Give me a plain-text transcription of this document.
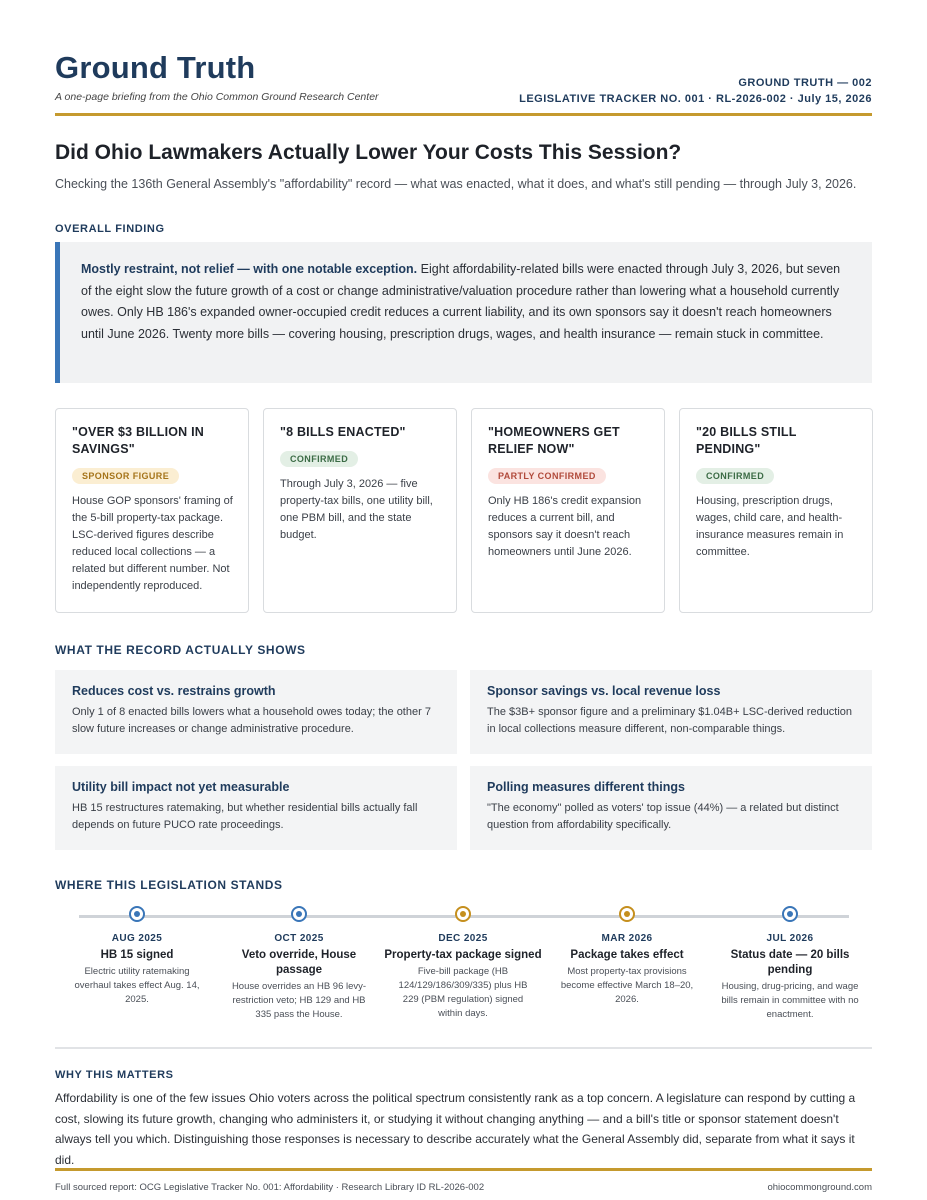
Ground Truth
A one-page briefing from the Ohio Common Ground Research Center
GROUND TRUTH — 002
LEGISLATIVE TRACKER NO. 001 · RL-2026-002 · July 15, 2026
Did Ohio Lawmakers Actually Lower Your Costs This Session?

Checking the 136th General Assembly's "affordability" record — what was enacted, what it does, and what's still pending — through July 3, 2026.

OVERALL FINDING
Mostly restraint, not relief — with one notable exception. Eight affordability-related bills were enacted through July 3, 2026, but seven of the eight slow the future growth of a cost or change administrative/valuation procedure rather than lowering what a household currently owes. Only HB 186's expanded owner-occupied credit reduces a current liability, and its own sponsors say it doesn't reach homeowners until June 2026. Twenty more bills — covering housing, prescription drugs, wages, and health insurance — remain stuck in committee.
"OVER $3 BILLION IN SAVINGS"
SPONSOR FIGURE
House GOP sponsors' framing of the 5-bill property-tax package. LSC-derived figures describe reduced local collections — a related but different number. Not independently reproduced.
"8 BILLS ENACTED"
CONFIRMED
Through July 3, 2026 — five property-tax bills, one utility bill, one PBM bill, and the state budget.
"HOMEOWNERS GET RELIEF NOW"
PARTLY CONFIRMED
Only HB 186's credit expansion reduces a current bill, and sponsors say it doesn't reach homeowners until June 2026.
"20 BILLS STILL PENDING"
CONFIRMED
Housing, prescription drugs, wages, child care, and health-insurance measures remain in committee.
WHAT THE RECORD ACTUALLY SHOWS
Reduces cost vs. restrains growth
Only 1 of 8 enacted bills lowers what a household owes today; the other 7 slow future increases or change administrative procedure.
Sponsor savings vs. local revenue loss
The $3B+ sponsor figure and a preliminary $1.04B+ LSC-derived reduction in local collections measure different, non-comparable things.
Utility bill impact not yet measurable
HB 15 restructures ratemaking, but whether residential bills actually fall depends on future PUCO rate proceedings.
Polling measures different things
"The economy" polled as voters' top issue (44%) — a related but distinct question from affordability specifically.
WHERE THIS LEGISLATION STANDS
AUG 2025
HB 15 signed
Electric utility ratemaking overhaul takes effect Aug. 14, 2025.
OCT 2025
Veto override, House passage
House overrides an HB 96 levy-restriction veto; HB 129 and HB 335 pass the House.
DEC 2025
Property-tax package signed
Five-bill package (HB 124/129/186/309/335) plus HB 229 (PBM regulation) signed within days.
MAR 2026
Package takes effect
Most property-tax provisions become effective March 18–20, 2026.
JUL 2026
Status date — 20 bills pending
Housing, drug-pricing, and wage bills remain in committee with no enactment.
WHY THIS MATTERS

Affordability is one of the few issues Ohio voters across the political spectrum consistently rank as a top concern. A legislature can respond by cutting a cost, slowing its future growth, changing who administers it, or studying it without changing anything — and a bill's title or sponsor statement doesn't always tell you which. Distinguishing those responses is necessary to describe accurately what the General Assembly did, separate from what it says it did.

Full sourced report: OCG Legislative Tracker No. 001: Affordability · Research Library ID RL-2026-002	ohiocommonground.com
